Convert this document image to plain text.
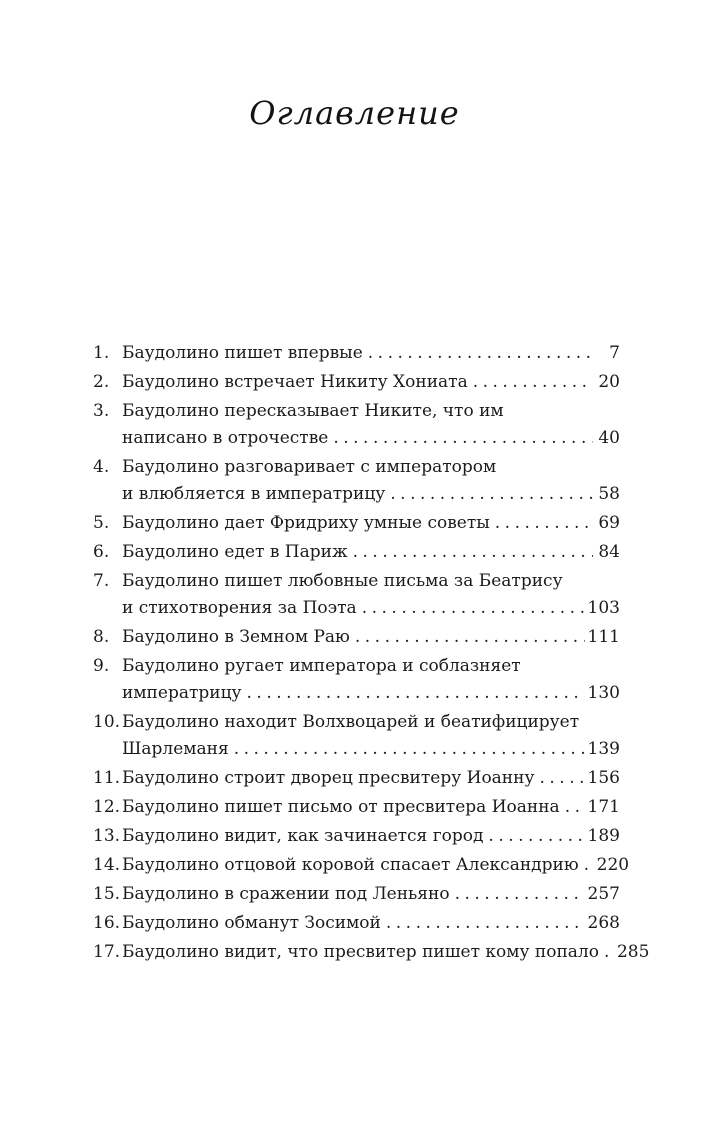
Оглавление
1. Баудолино пишет впервые .....	7
2. Баудолино встречает Никиту Хониата .....	20
3. Баудолино пересказывает Никите, что им
написано в отрочестве .....	40
4. Баудолино разговаривает с императором
и влюбляется в императрицу .....	58
5. Баудолино дает Фридриху умные советы .....	69
6. Баудолино едет в Париж .....	84
7. Баудолино пишет любовные письма за Беатрису
и стихотворения за Поэта .....	103
8. Баудолино в Земном Раю .....	111
9. Баудолино ругает императора и соблазняет
императрицу .....	130
10. Баудолино находит Волхвоцарей и беатифицирует
Шарлеманя .....	139
11. Баудолино строит дворец пресвитеру Иоанну .....	156
12. Баудолино пишет письмо от пресвитера Иоанна ..... 171
13. Баудолино видит, как зачинается город .....	189
14. Баудолино отцовой коровой спасает Александрию ..... 220
15. Баудолино в сражении под Леньяно .....	257
16. Баудолино обманут Зосимой .....	268
17. Баудолино видит, что пресвитер пишет кому попало ..... 285
